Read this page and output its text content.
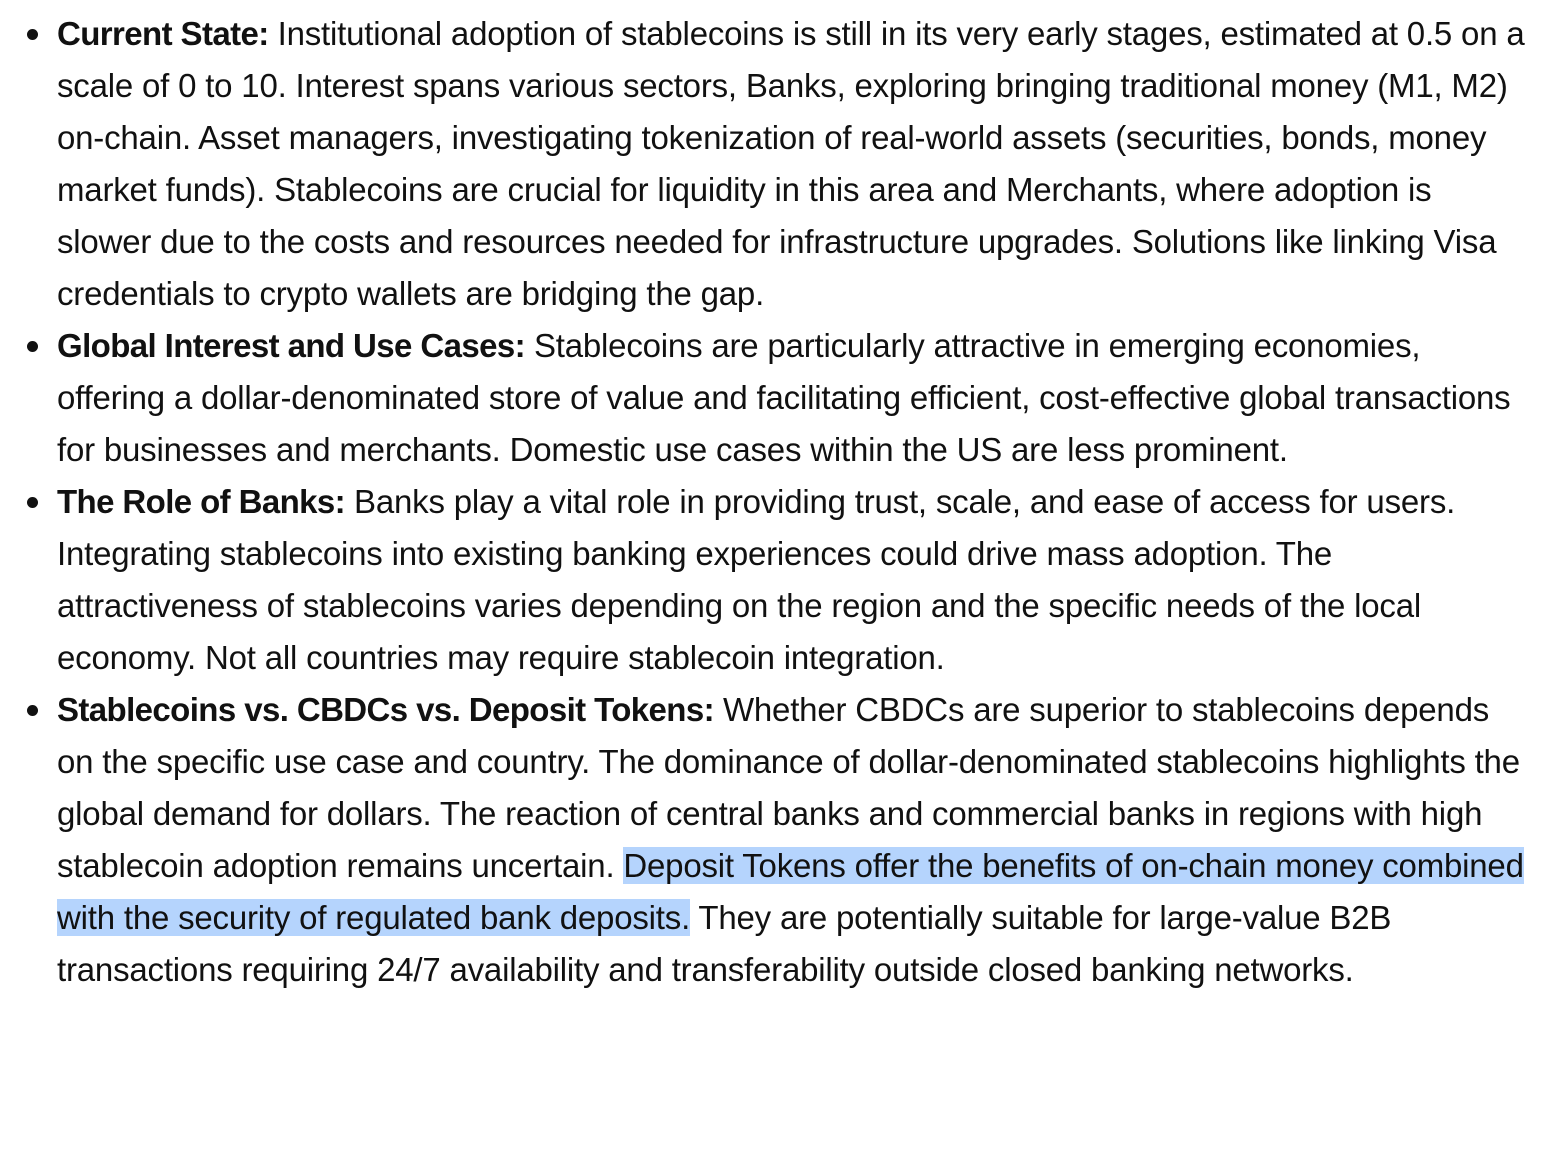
Current State: Institutional adoption of stablecoins is still in its very early stages, estimated at 0.5 on a scale of 0 to 10. Interest spans various sectors, Banks, exploring bringing traditional money (M1, M2) on-chain. Asset managers, investigating tokenization of real-world assets (securities, bonds, money market funds). Stablecoins are crucial for liquidity in this area and Merchants, where adoption is slower due to the costs and resources needed for infrastructure upgrades. Solutions like linking Visa credentials to crypto wallets are bridging the gap.
Global Interest and Use Cases: Stablecoins are particularly attractive in emerging economies, offering a dollar-denominated store of value and facilitating efficient, cost-effective global transactions for businesses and merchants. Domestic use cases within the US are less prominent.
The Role of Banks: Banks play a vital role in providing trust, scale, and ease of access for users. Integrating stablecoins into existing banking experiences could drive mass adoption. The attractiveness of stablecoins varies depending on the region and the specific needs of the local economy. Not all countries may require stablecoin integration.
Stablecoins vs. CBDCs vs. Deposit Tokens: Whether CBDCs are superior to stablecoins depends on the specific use case and country. The dominance of dollar-denominated stablecoins highlights the global demand for dollars. The reaction of central banks and commercial banks in regions with high stablecoin adoption remains uncertain. Deposit Tokens offer the benefits of on-chain money combined with the security of regulated bank deposits. They are potentially suitable for large-value B2B transactions requiring 24/7 availability and transferability outside closed banking networks.
